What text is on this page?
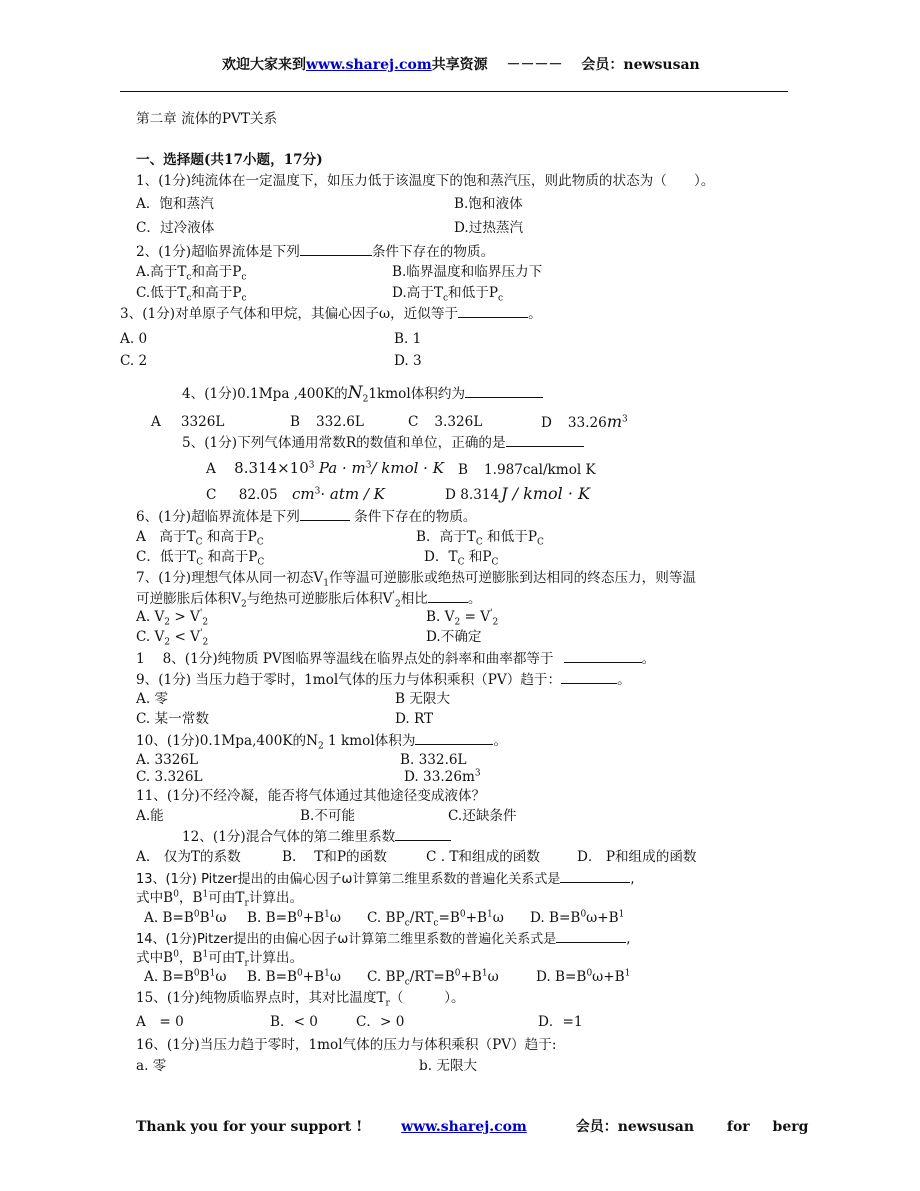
欢迎大家来到www.sharej.com共享资源 －－－－ 会员：newsusan
第二章 流体的PVT关系
一、选择题(共17小题，17分)
1、(1分)纯流体在一定温度下，如压力低于该温度下的饱和蒸汽压，则此物质的状态为（　　）。
A．饱和蒸汽	B.饱和液体
C．过冷液体	D.过热蒸汽
2、(1分)超临界流体是下列	条件下存在的物质。
A.高于$T_c$和高于$P_c$	B.临界温度和临界压力下
C.低于$T_c$和高于$P_c$	D.高于$T_c$和低于$P_c$
3、(1分)对单原子气体和甲烷，其偏心因子ω，近似等于	。
A. 0	B. 1
C. 2	D. 3
4、(1分)0.1Mpa ,400K的$N_21kmol$体积约为
A 3326L	B 332.6L	C 3.326L	D $33.26m^3$
5、(1分)下列气体通用常数R的数值和单位，正确的是
A $8.314\times 10^3$ $Pa \cdot m^3/$ kmol · K B 1.987cal/kmol K
C 82.05 $cm^3\cdot$ atm / K	D 8.314 J / kmol · K
6、(1分)超临界流体是下列	条件下存在的物质。
A　高于$T_C$ 和高于$P_C$	B．高于$T_C$ 和低于$P_C$
C．低于$T_C$ 和高于$P_C$	D．$T_C$ 和$P_C$
7、(1分)理想气体从同一初态$V_1$作等温可逆膨胀或绝热可逆膨胀到达相同的终态压力，则等温
可逆膨胀后体积$V_2$与绝热可逆膨胀后体积$V'_2$相比	。
A. $V_2 > V'_2$	B. $V_2 = V'_2$
C. $V_2 < V'_2$	D.不确定
1　 8、(1分)纯物质 PV图临界等温线在临界点处的斜率和曲率都等于	。
9、(1分) 当压力趋于零时，1mol气体的压力与体积乘积（PV）趋于：	。
A. 零	B 无限大
C. 某一常数	D. RT
10、(1分)0.1Mpa,400K的$N_2$ 1 kmol体积为	。
A. 3326L	B. 332.6L
C. 3.326L	D. $33.26m^3$
11、(1分)不经冷凝，能否将气体通过其他途径变成液体？
A.能	B.不可能	C.还缺条件
12、(1分)混合气体的第二维里系数
A． 仅为T的系数	B.　 T和P的函数	C . T和组成的函数	D． P和组成的函数
13、(1分) Pitzer提出的由偏心因子ω计算第二维里系数的普遍化关系式是	,
式中$B^0$，$B^1$可由$T_r$计算出。
A. $B=B^0B^1\omega$ B. $B=B^0+B^1\omega$ C. $BP_c/RT_c=B^0+B^1\omega$ D. $B=B^0\omega+B^1$
14、(1分)Pitzer提出的由偏心因子ω计算第二维里系数的普遍化关系式是	,
式中$B^0$，$B^1$可由$T_r$计算出。
A. $B=B^0B^1\omega$ B. $B=B^0+B^1\omega$ C. $BP_c/RT=B^0+B^1\omega$	D. $B=B^0\omega+B^1$
15、(1分)纯物质临界点时，其对比温度$T_r$（　　　）。
A　= 0	B．< 0	C．> 0	D．=1
16、(1分)当压力趋于零时，1mol气体的压力与体积乘积（PV）趋于:
a. 零	b. 无限大
Thank you for your support !	www.sharej.com	会员：newsusan for berg
